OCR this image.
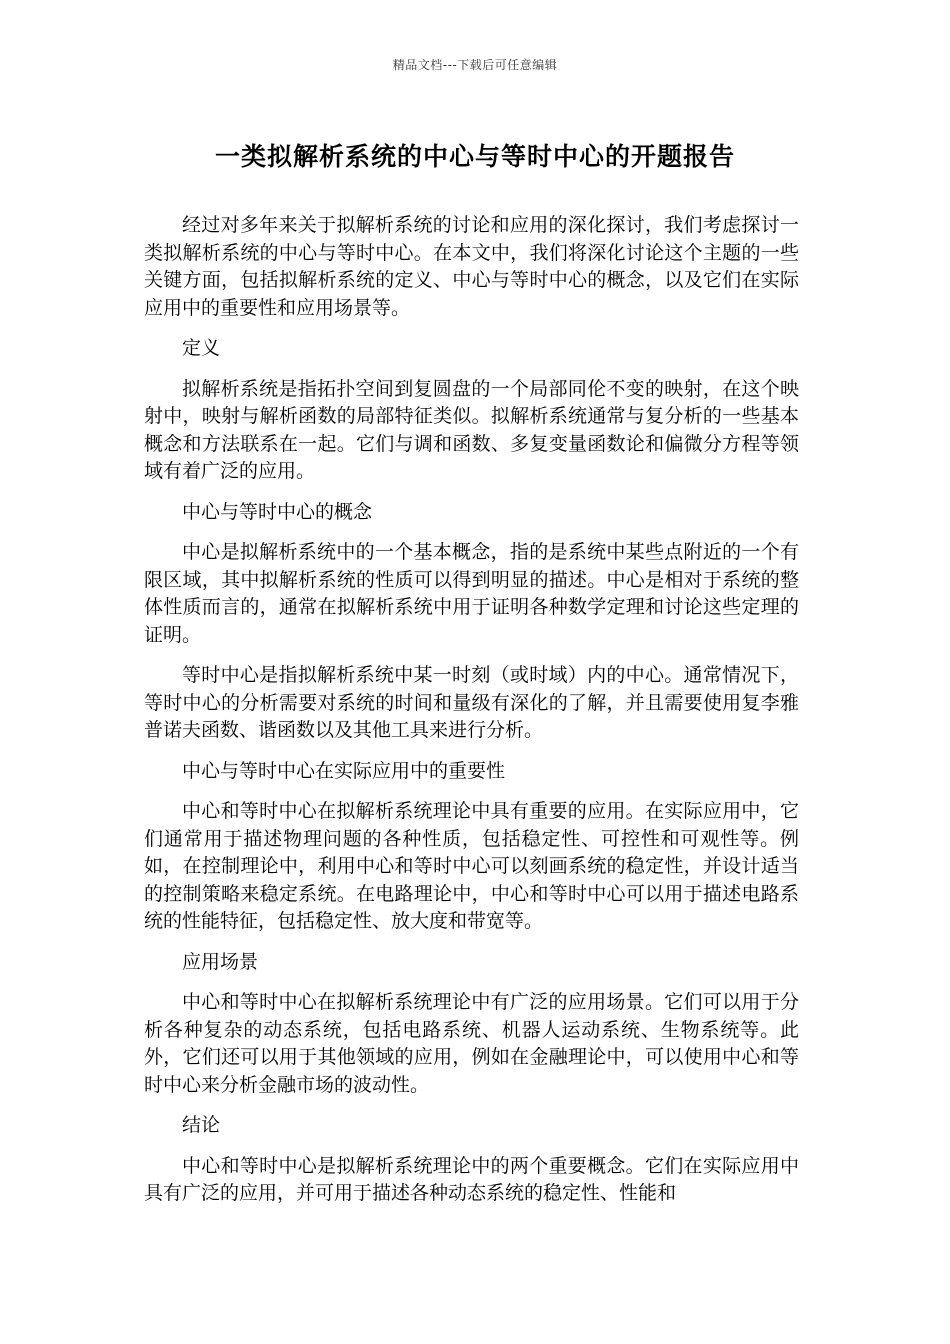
精品文档---下载后可任意编辑
一类拟解析系统的中心与等时中心的开题报告

经过对多年来关于拟解析系统的讨论和应用的深化探讨，我们考虑探讨一类拟解析系统的中心与等时中心。在本文中，我们将深化讨论这个主题的一些关键方面，包括拟解析系统的定义、中心与等时中心的概念，以及它们在实际应用中的重要性和应用场景等。

定义

拟解析系统是指拓扑空间到复圆盘的一个局部同伦不变的映射，在这个映射中，映射与解析函数的局部特征类似。拟解析系统通常与复分析的一些基本概念和方法联系在一起。它们与调和函数、多复变量函数论和偏微分方程等领域有着广泛的应用。

中心与等时中心的概念

中心是拟解析系统中的一个基本概念，指的是系统中某些点附近的一个有限区域，其中拟解析系统的性质可以得到明显的描述。中心是相对于系统的整体性质而言的，通常在拟解析系统中用于证明各种数学定理和讨论这些定理的证明。

等时中心是指拟解析系统中某一时刻（或时域）内的中心。通常情况下，等时中心的分析需要对系统的时间和量级有深化的了解，并且需要使用复李雅普诺夫函数、谐函数以及其他工具来进行分析。

中心与等时中心在实际应用中的重要性

中心和等时中心在拟解析系统理论中具有重要的应用。在实际应用中，它们通常用于描述物理问题的各种性质，包括稳定性、可控性和可观性等。例如，在控制理论中，利用中心和等时中心可以刻画系统的稳定性，并设计适当的控制策略来稳定系统。在电路理论中，中心和等时中心可以用于描述电路系统的性能特征，包括稳定性、放大度和带宽等。

应用场景

中心和等时中心在拟解析系统理论中有广泛的应用场景。它们可以用于分析各种复杂的动态系统，包括电路系统、机器人运动系统、生物系统等。此外，它们还可以用于其他领域的应用，例如在金融理论中，可以使用中心和等时中心来分析金融市场的波动性。

结论

中心和等时中心是拟解析系统理论中的两个重要概念。它们在实际应用中具有广泛的应用，并可用于描述各种动态系统的稳定性、性能和
